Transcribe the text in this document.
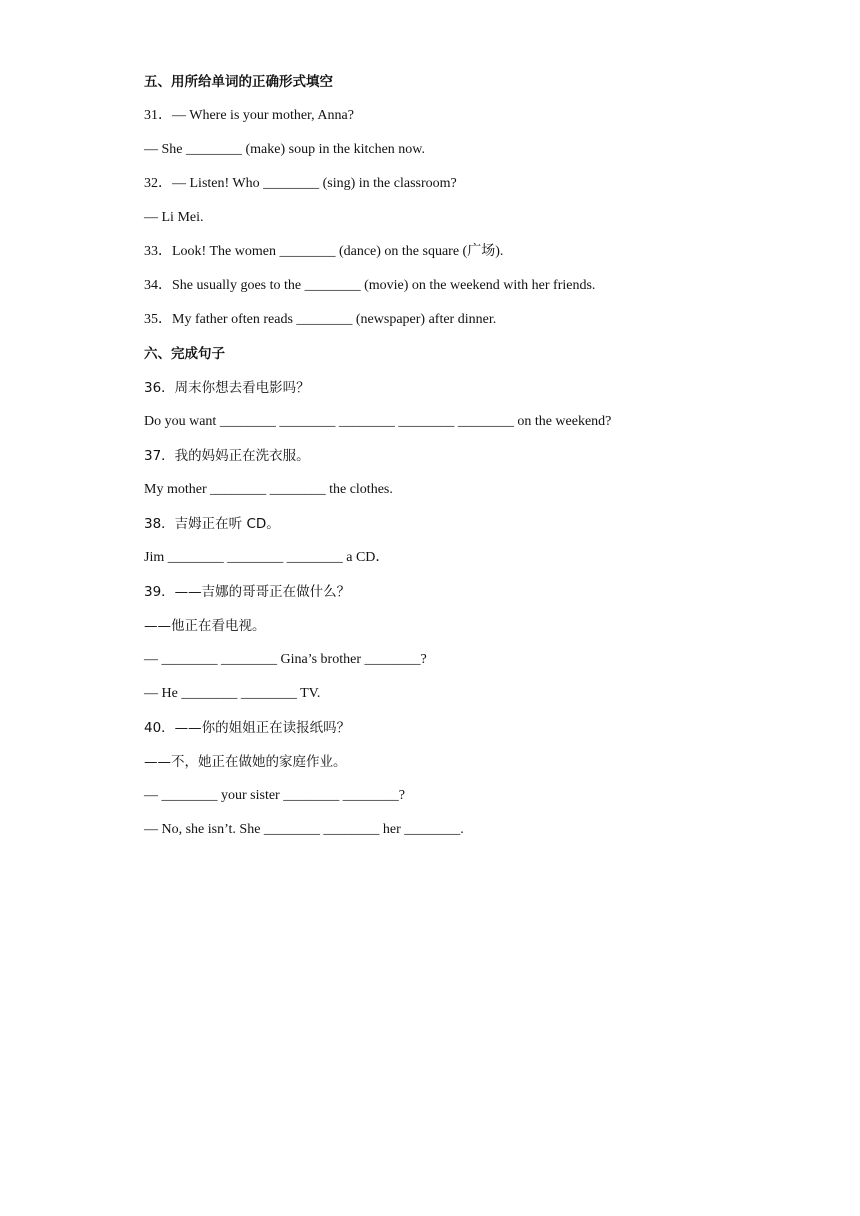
五、用所给单词的正确形式填空
31．— Where is your mother, Anna?
— She ________ (make) soup in the kitchen now.
32．— Listen! Who ________ (sing) in the classroom?
— Li Mei.
33．Look! The women ________ (dance) on the square (广场).
34．She usually goes to the ________ (movie) on the weekend with her friends.
35．My father often reads ________ (newspaper) after dinner.
六、完成句子
36．周末你想去看电影吗？
Do you want ________ ________ ________ ________ ________ on the weekend?
37．我的妈妈正在洗衣服。
My mother ________ ________ the clothes.
38．吉姆正在听 CD。
Jim ________ ________ ________ a CD．
39．——吉娜的哥哥正在做什么？
——他正在看电视。
— ________ ________ Gina’s brother ________?
— He ________ ________ TV.
40．——你的姐姐正在读报纸吗？
——不，她正在做她的家庭作业。
— ________ your sister ________ ________?
— No, she isn’t. She ________ ________ her ________.
